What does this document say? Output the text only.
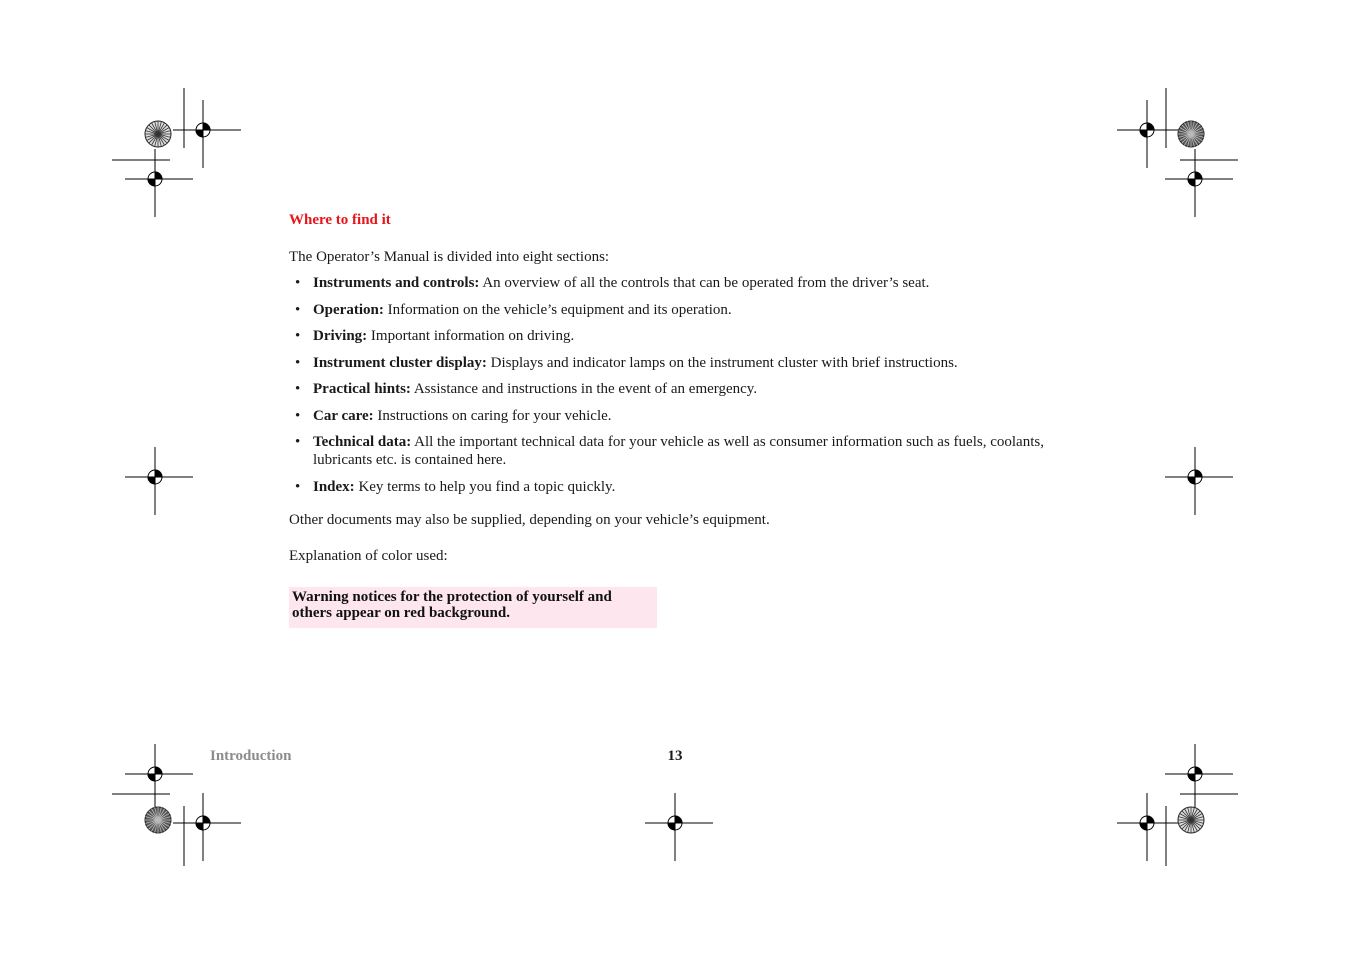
Where to find it

The Operator’s Manual is divided into eight sections:

• Instruments and controls: An overview of all the controls that can be operated from the driver’s seat.
• Operation: Information on the vehicle’s equipment and its operation.
• Driving: Important information on driving.
• Instrument cluster display: Displays and indicator lamps on the instrument cluster with brief instructions.
• Practical hints: Assistance and instructions in the event of an emergency.
• Car care: Instructions on caring for your vehicle.
• Technical data: All the important technical data for your vehicle as well as consumer information such as fuels, coolants, lubricants etc. is contained here.
• Index: Key terms to help you find a topic quickly.

Other documents may also be supplied, depending on your vehicle’s equipment.

Explanation of color used:

Warning notices for the protection of yourself and others appear on red background.

Introduction	13
